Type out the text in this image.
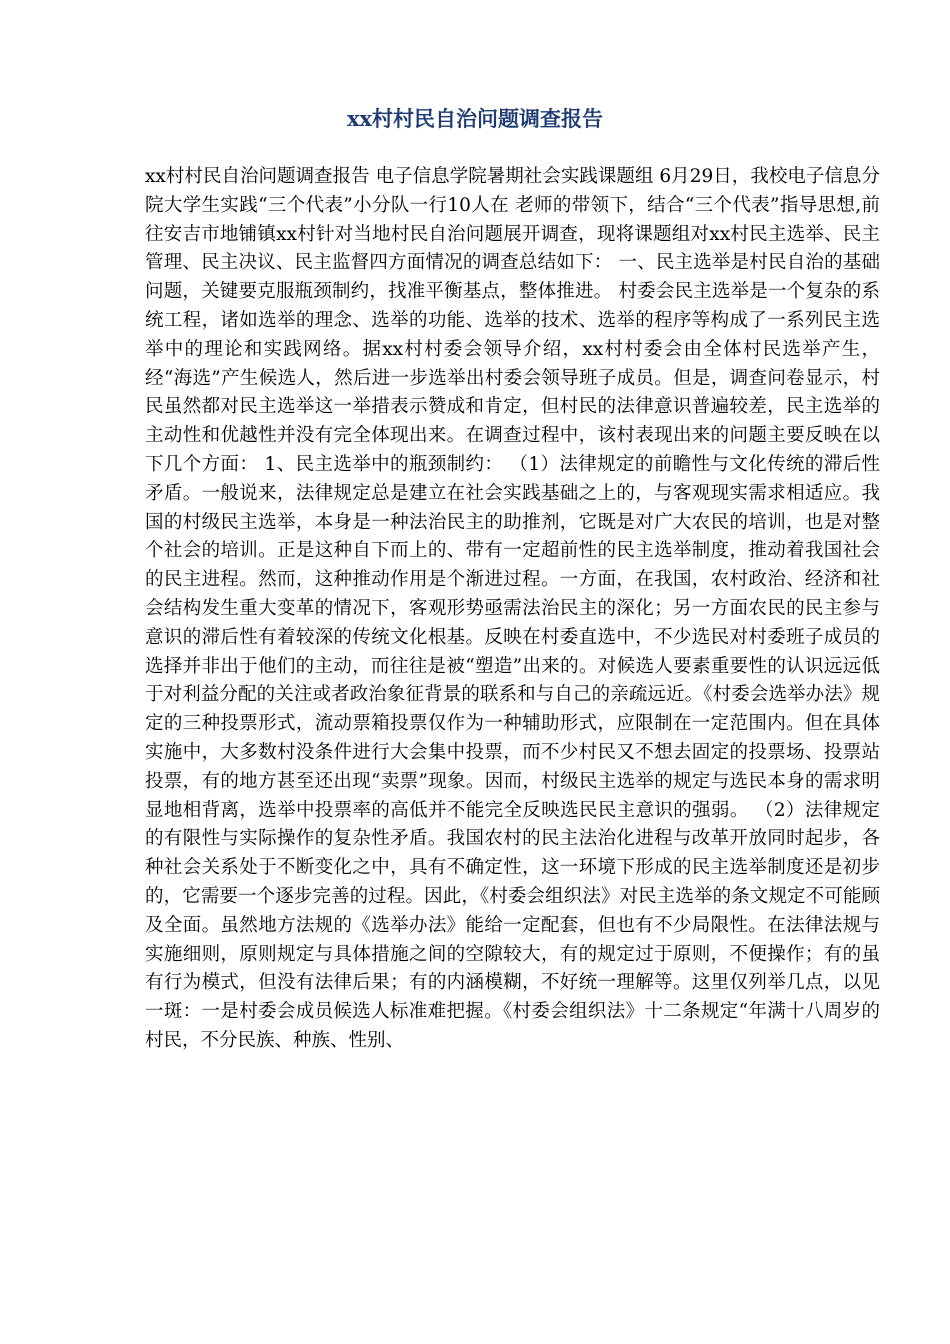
xx村村民自治问题调查报告

xx村村民自治问题调查报告 电子信息学院暑期社会实践课题组 6月29日，我校电子信息分院大学生实践“三个代表”小分队一行10人在 老师的带领下，结合“三个代表”指导思想,前往安吉市地铺镇xx村针对当地村民自治问题展开调查，现将课题组对xx村民主选举、民主管理、民主决议、民主监督四方面情况的调查总结如下： 一、民主选举是村民自治的基础问题，关键要克服瓶颈制约，找准平衡基点，整体推进。 村委会民主选举是一个复杂的系统工程，诸如选举的理念、选举的功能、选举的技术、选举的程序等构成了一系列民主选举中的理论和实践网络。据xx村村委会领导介绍，xx村村委会由全体村民选举产生，经“海选”产生候选人，然后进一步选举出村委会领导班子成员。但是，调查问卷显示，村民虽然都对民主选举这一举措表示赞成和肯定，但村民的法律意识普遍较差，民主选举的主动性和优越性并没有完全体现出来。在调查过程中，该村表现出来的问题主要反映在以下几个方面： 1、民主选举中的瓶颈制约： （1）法律规定的前瞻性与文化传统的滞后性矛盾。一般说来，法律规定总是建立在社会实践基础之上的，与客观现实需求相适应。我国的村级民主选举，本身是一种法治民主的助推剂，它既是对广大农民的培训，也是对整个社会的培训。正是这种自下而上的、带有一定超前性的民主选举制度，推动着我国社会的民主进程。然而，这种推动作用是个渐进过程。一方面，在我国，农村政治、经济和社会结构发生重大变革的情况下，客观形势亟需法治民主的深化；另一方面农民的民主参与意识的滞后性有着较深的传统文化根基。反映在村委直选中，不少选民对村委班子成员的选择并非出于他们的主动，而往往是被“塑造”出来的。对候选人要素重要性的认识远远低于对利益分配的关注或者政治象征背景的联系和与自己的亲疏远近。《村委会选举办法》规定的三种投票形式，流动票箱投票仅作为一种辅助形式，应限制在一定范围内。但在具体实施中，大多数村没条件进行大会集中投票，而不少村民又不想去固定的投票场、投票站投票，有的地方甚至还出现“卖票”现象。因而，村级民主选举的规定与选民本身的需求明显地相背离，选举中投票率的高低并不能完全反映选民民主意识的强弱。 （2）法律规定的有限性与实际操作的复杂性矛盾。我国农村的民主法治化进程与改革开放同时起步，各种社会关系处于不断变化之中，具有不确定性，这一环境下形成的民主选举制度还是初步的，它需要一个逐步完善的过程。因此，《村委会组织法》对民主选举的条文规定不可能顾及全面。虽然地方法规的《选举办法》能给一定配套，但也有不少局限性。在法律法规与实施细则，原则规定与具体措施之间的空隙较大，有的规定过于原则，不便操作；有的虽有行为模式，但没有法律后果；有的内涵模糊，不好统一理解等。这里仅列举几点，以见一斑：一是村委会成员候选人标准难把握。《村委会组织法》十二条规定“年满十八周岁的村民，不分民族、种族、性别、
